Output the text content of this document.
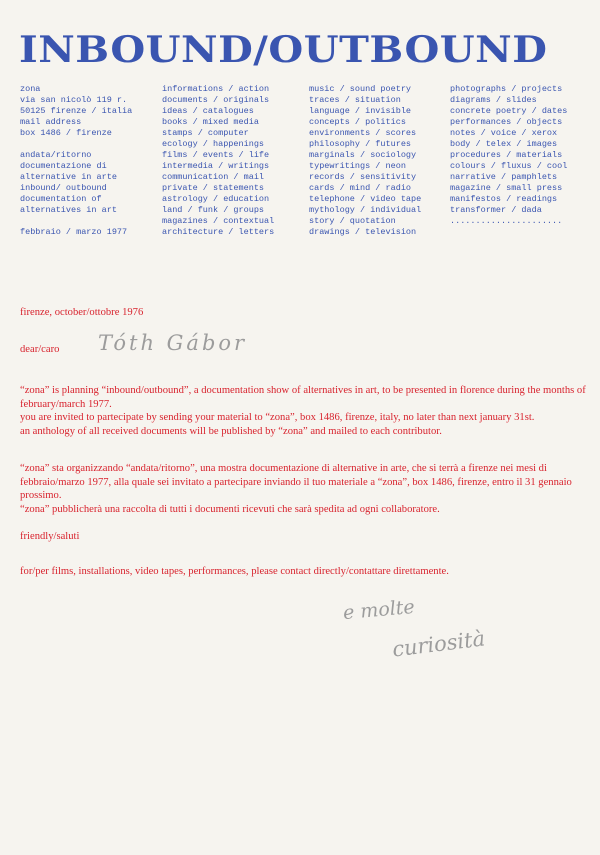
INBOUND/OUTBOUND
zona
via san nicolò 119 r.
50125 firenze / italia
mail address
box 1486 / firenze
andata/ritorno
documentazione di
alternative in arte
inbound/ outbound
documentation of
alternatives in art
febbraio / marzo 1977
informations / action
documents / originals
ideas / catalogues
books / mixed media
stamps / computer
ecology / happenings
films / events / life
intermedia / writings
communication / mail
private / statements
astrology / education
land / funk / groups
magazines / contextual
architecture / letters
music / sound poetry
traces / situation
language / invisible
concepts / politics
environments / scores
philosophy / futures
marginals / sociology
typewritings / neon
records / sensitivity
cards / mind / radio
telephone / video tape
mythology / individual
story / quotation
drawings / television
photographs / projects
diagrams / slides
concrete poetry / dates
performances / objects
notes / voice / xerox
body / telex / images
procedures / materials
colours / fluxus / cool
narrative / pamphlets
magazine / small press
manifestos / readings
transformer / dada
......................
firenze, october/ottobre 1976
dear/caro	Tóth Gábor

“zona” is planning “inbound/outbound”, a documentation show of alternatives in art, to be presented in florence during the months of february/march 1977.

you are invited to partecipate by sending your material to “zona”, box 1486, firenze, italy, no later than next january 31st.

an anthology of all received documents will be published by “zona” and mailed to each contributor.

“zona” sta organizzando “andata/ritorno”, una mostra documentazione di alternative in arte, che si terrà a firenze nei mesi di febbraio/marzo 1977, alla quale sei invitato a partecipare inviando il tuo materiale a “zona”, box 1486, firenze, entro il 31 gennaio prossimo.

“zona” pubblicherà una raccolta di tutti i documenti ricevuti che sarà spedita ad ogni collaboratore.

friendly/saluti
for/per films, installations, video tapes, performances, please contact directly/contattare direttamente.
e molte
curiosità
